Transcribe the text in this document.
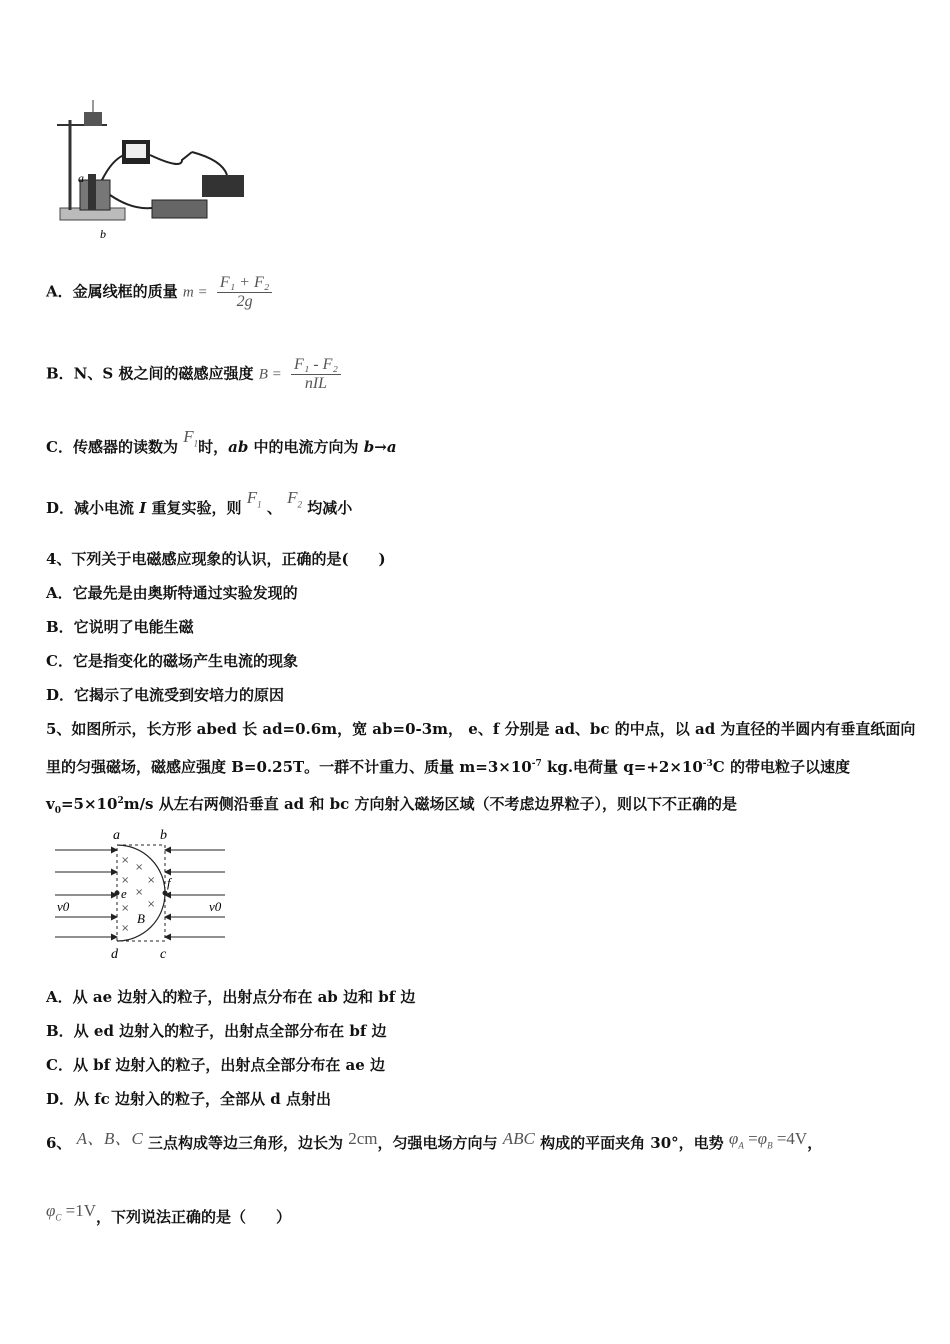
a
b
A．金属线框的质量 $m = \frac{\text{F₁ + F₂}}{2g}$
B．N、S 极之间的磁感应强度 $B = \frac{\text{F₁ - F₂}}{\text{nIL}}$
C．传感器的读数为 $F_1$时，ab 中的电流方向为 b→a
D．减小电流 I 重复实验，则 $F_1$ 、 $F_2$ 均减小
4、下列关于电磁感应现象的认识，正确的是(　　)
A．它最先是由奥斯特通过实验发现的
B．它说明了电能生磁
C．它是指变化的磁场产生电流的现象
D．它揭示了电流受到安培力的原因
5、如图所示，长方形 abed 长 ad=0.6m，宽 ab=0-3m， e、f 分别是 ad、bc 的中点，以 ad 为直径的半圆内有垂直纸面向
里的匀强磁场，磁感应强度 B=0.25T。一群不计重力、质量 $m=3\times 10^{-7}$ kg.电荷量 $q=+2\times 10^{-3}C$ 的带电粒子以速度
$v_0=5\times 10^2m/s$ 从左右两侧沿垂直 ad 和 bc 方向射入磁场区域（不考虑边界粒子），则以下不正确的是
a	b
d	c
e
f
B
v0	v0
×
×
× ×
×
× ×
×
A．从 ae 边射入的粒子，出射点分布在 ab 边和 bf 边
B．从 ed 边射入的粒子，出射点全部分布在 bf 边
C．从 bf 边射入的粒子，出射点全部分布在 ae 边
D．从 fc 边射入的粒子，全部从 d 点射出
6、 A、B、C 三点构成等边三角形，边长为 2cm，匀强电场方向与 ABC 构成的平面夹角 30°，电势 $\varphi_A =\varphi_B =4V$，
$\varphi_C =1V$，下列说法正确的是（　　）
